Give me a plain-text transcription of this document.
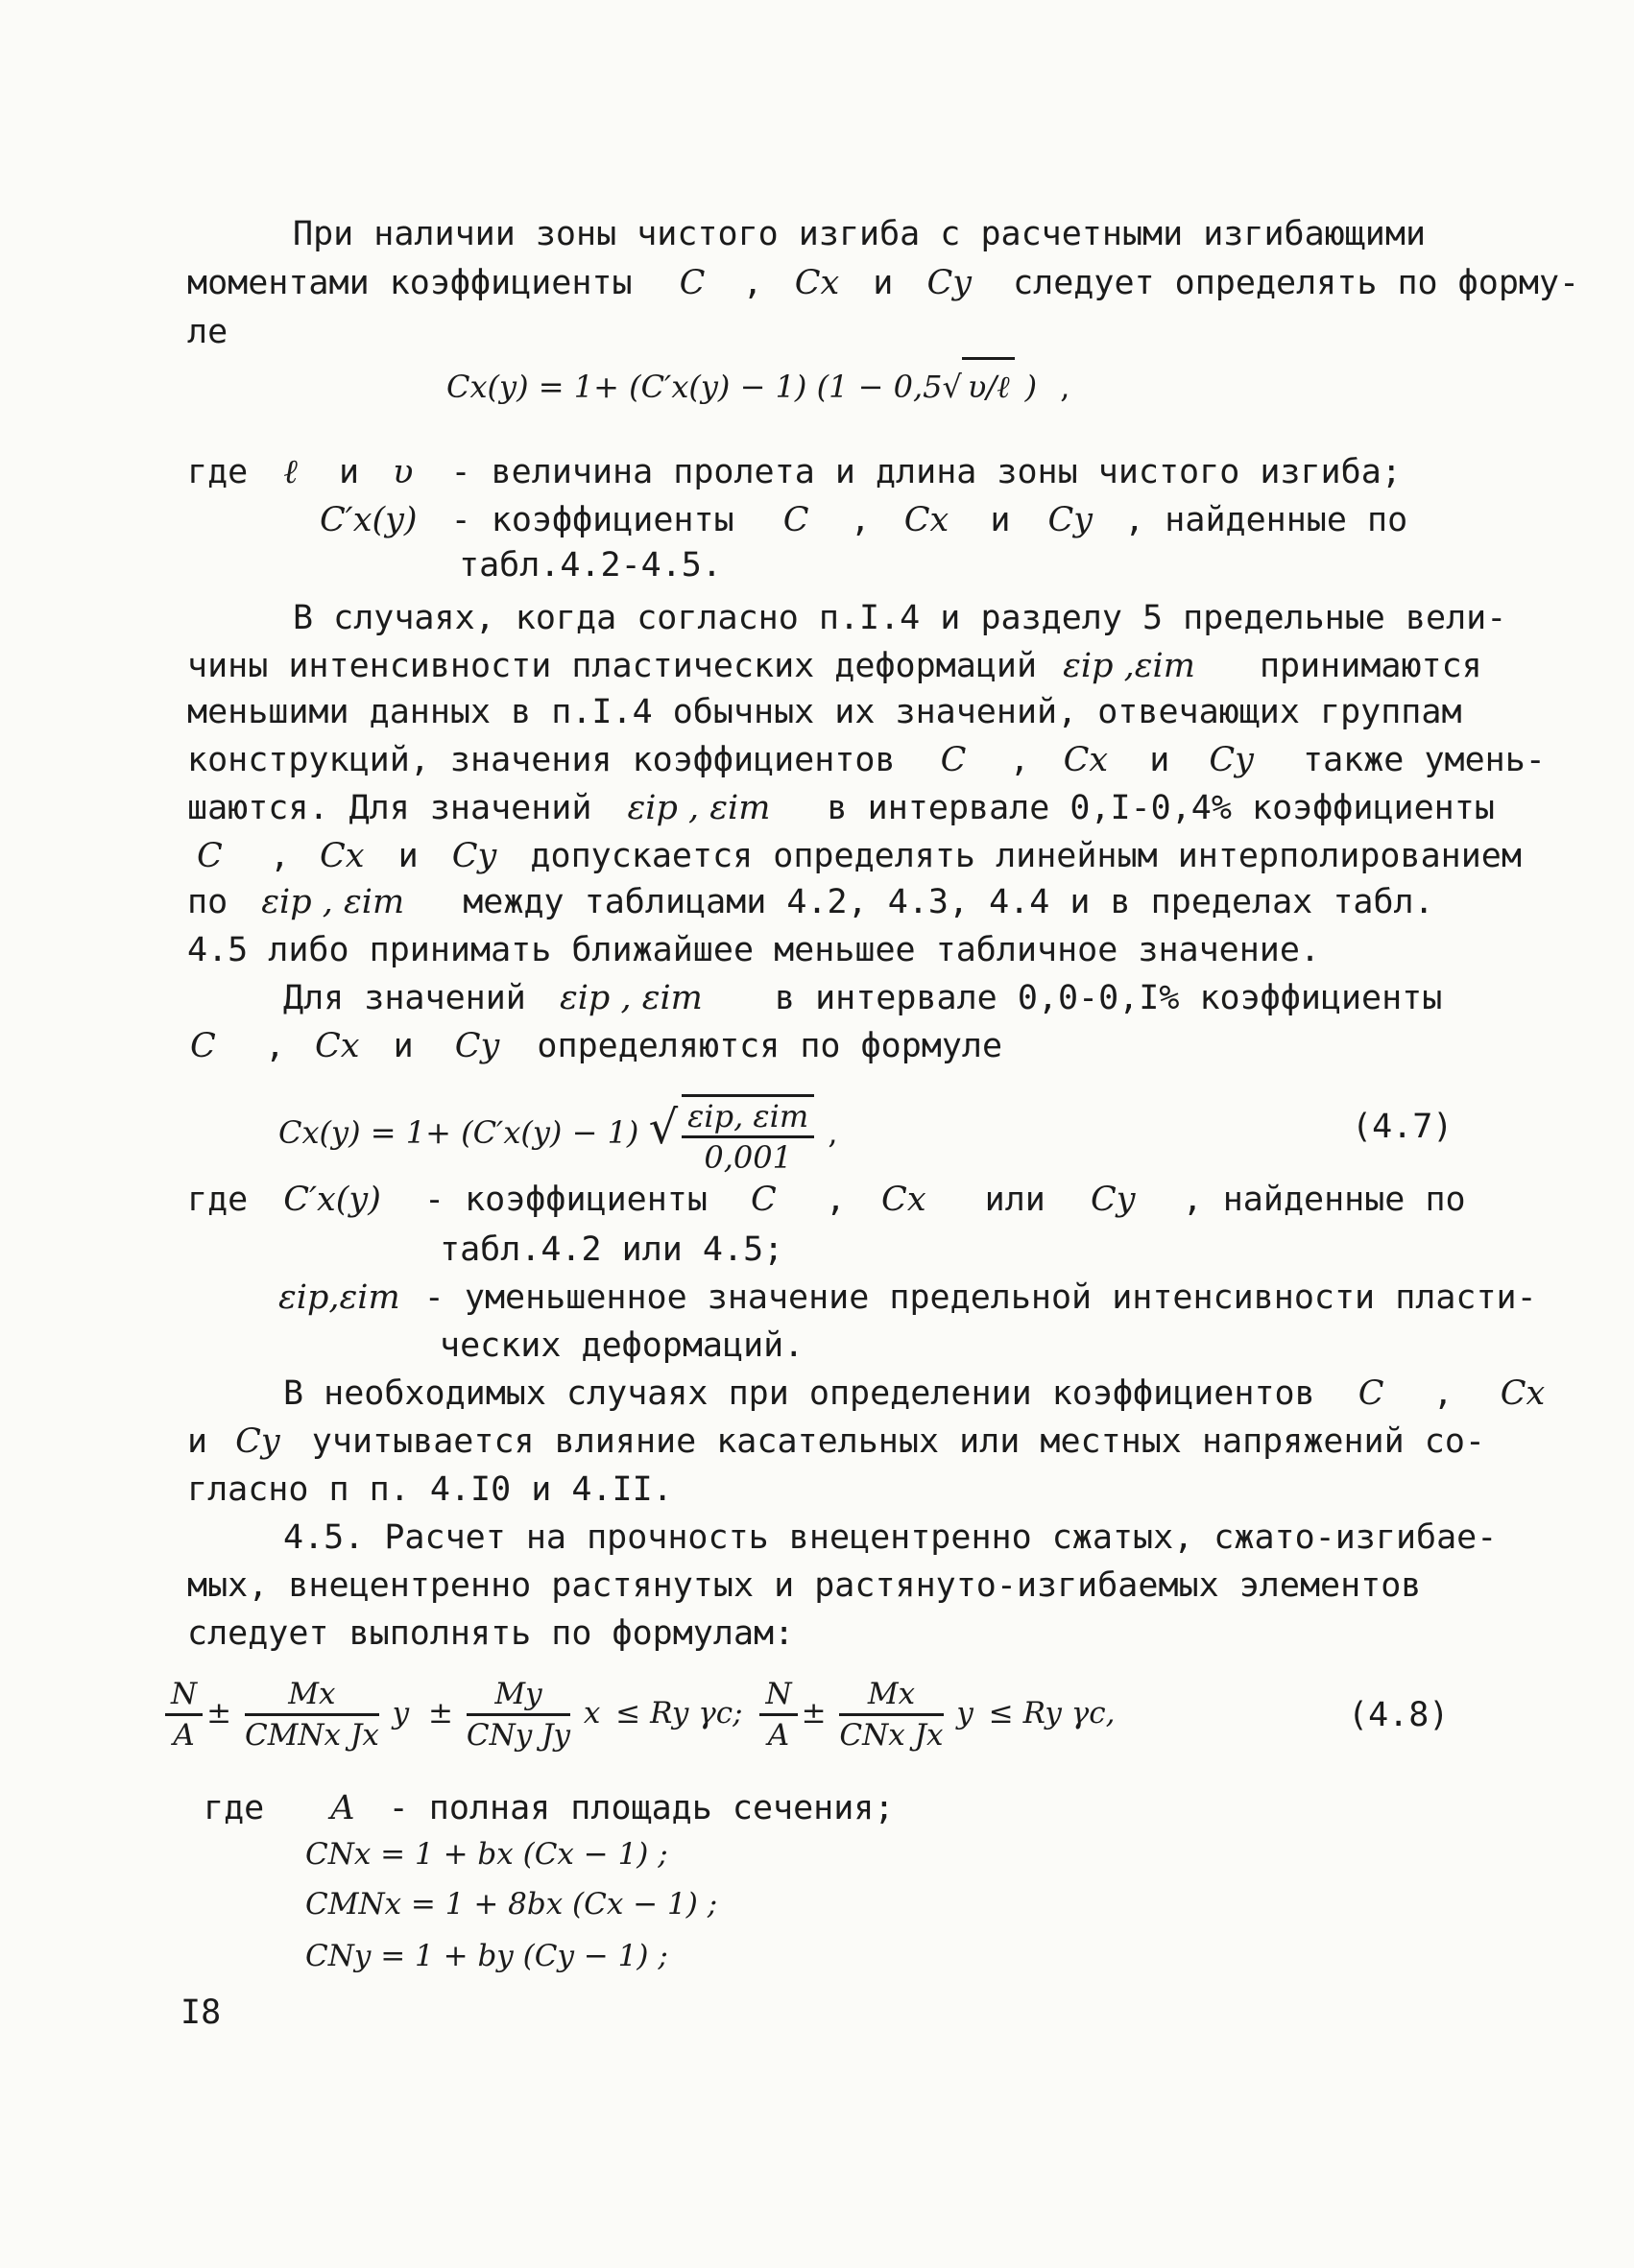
При наличии зоны чистого изгиба с расчетными изгибающими
моментами коэффициенты C , Cx и Cy следует определять по форму-
ле
Cx(y) = 1+ (C′x(y) − 1) (1 − 0,5√ υ/ℓ ) ,
где ℓ и υ - величина пролета и длина зоны чистого изгиба;
C′x(y) - коэффициенты C , Cx и Cy , найденные по
табл.4.2-4.5.
В случаях, когда согласно п.I.4 и разделу 5 предельные вели-
чины интенсивности пластических деформаций εip ,εim принимаются
меньшими данных в п.I.4 обычных их значений, отвечающих группам
конструкций, значения коэффициентов C , Cx и Cy также умень-
шаются. Для значений εip , εim в интервале 0,I-0,4% коэффициенты
C , Cx и Cy допускается определять линейным интерполированием
по εip , εim между таблицами 4.2, 4.3, 4.4 и в пределах табл.
4.5 либо принимать ближайшее меньшее табличное значение.
Для значений εip , εim в интервале 0,0-0,I% коэффициенты
C , Cx и Cy определяются по формуле
Cx(y) = 1+ (C′x(y) − 1) √ $\frac{\text{εip, εim}}{0,001}$ ,	(4.7)
где C′x(y) - коэффициенты C , Cx или Cy , найденные по
табл.4.2 или 4.5;
εip,εim - уменьшенное значение предельной интенсивности пласти-
ческих деформаций.
В необходимых случаях при определении коэффициентов C , Cx
и Cy учитывается влияние касательных или местных напряжений со-
гласно п п. 4.I0 и 4.II.
4.5. Расчет на прочность внецентренно сжатых, сжато-изгибае-
мых, внецентренно растянутых и растянуто-изгибаемых элементов
следует выполнять по формулам:
$\frac{N}{A} \pm \frac{Mx}{\text{CMNx Jx}}$ $y \pm \frac{My}{\text{CNy Jy}}$ x ≤ Ry γc; $\frac{N}{A} \pm \frac{Mx}{\text{CNx Jx}}$ y ≤ Ry γc,	(4.8)
где A - полная площадь сечения;
CNx = 1 + bx (Cx − 1) ;
CMNx = 1 + 8bx (Cx − 1) ;
CNy = 1 + by (Cy − 1) ;
I8
